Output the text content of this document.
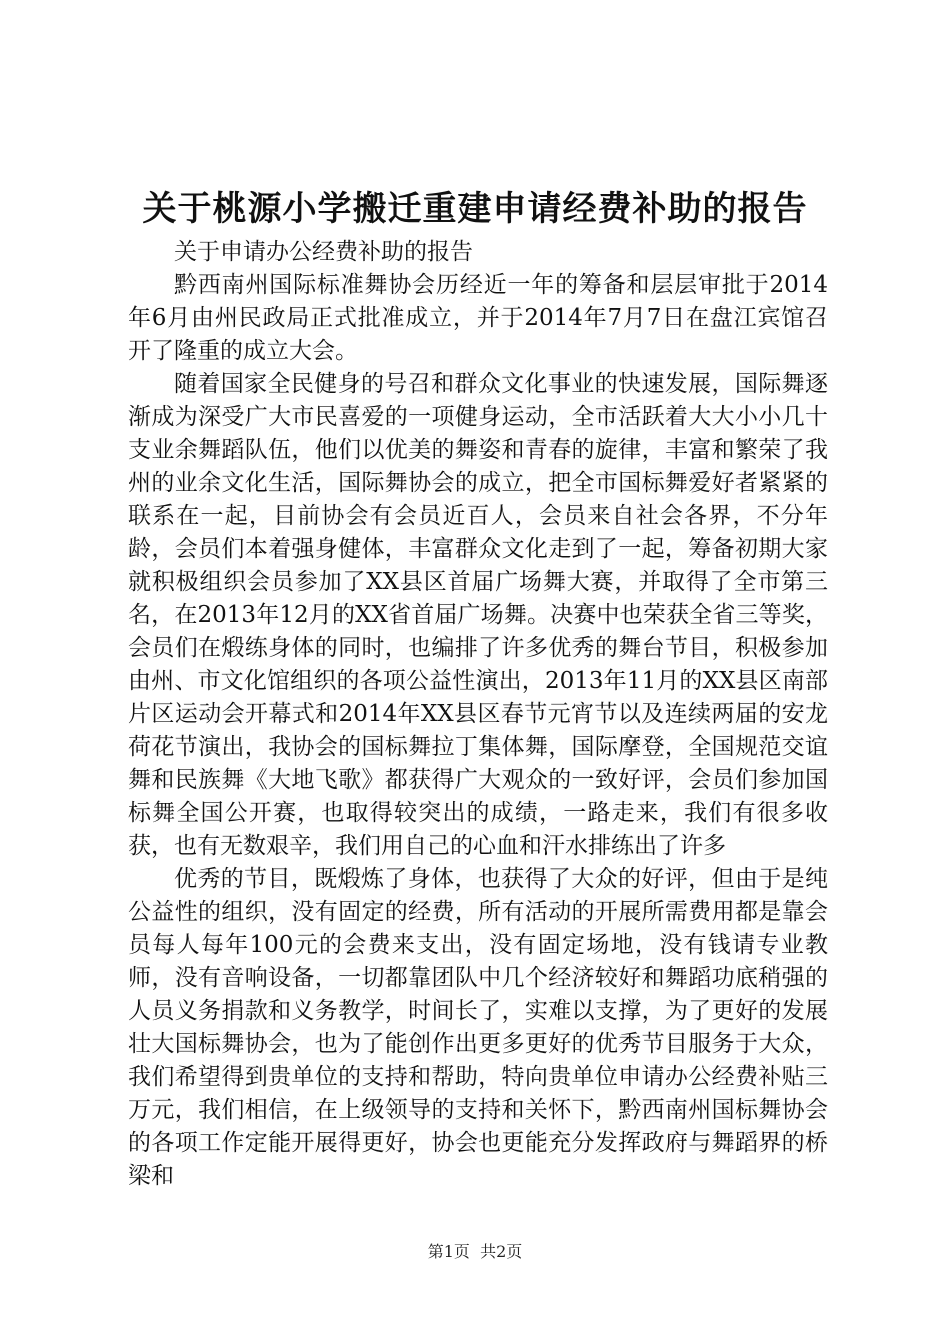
关于桃源小学搬迁重建申请经费补助的报告

关于申请办公经费补助的报告

黔西南州国际标准舞协会历经近一年的筹备和层层审批于2014年6月由州民政局正式批准成立，并于2014年7月7日在盘江宾馆召开了隆重的成立大会。

随着国家全民健身的号召和群众文化事业的快速发展，国际舞逐渐成为深受广大市民喜爱的一项健身运动，全市活跃着大大小小几十支业余舞蹈队伍，他们以优美的舞姿和青春的旋律，丰富和繁荣了我州的业余文化生活，国际舞协会的成立，把全市国标舞爱好者紧紧的联系在一起，目前协会有会员近百人，会员来自社会各界，不分年龄，会员们本着强身健体，丰富群众文化走到了一起，筹备初期大家就积极组织会员参加了XX县区首届广场舞大赛，并取得了全市第三名，在2013年12月的XX省首届广场舞。决赛中也荣获全省三等奖，会员们在煅练身体的同时，也编排了许多优秀的舞台节目，积极参加由州、市文化馆组织的各项公益性演出，2013年11月的XX县区南部片区运动会开幕式和2014年XX县区春节元宵节以及连续两届的安龙荷花节演出，我协会的国标舞拉丁集体舞，国际摩登，全国规范交谊舞和民族舞《大地飞歌》都获得广大观众的一致好评，会员们参加国标舞全国公开赛，也取得较突出的成绩，一路走来，我们有很多收获，也有无数艰辛，我们用自己的心血和汗水排练出了许多

优秀的节目，既煅炼了身体，也获得了大众的好评，但由于是纯公益性的组织，没有固定的经费，所有活动的开展所需费用都是靠会员每人每年100元的会费来支出，没有固定场地，没有钱请专业教师，没有音响设备，一切都靠团队中几个经济较好和舞蹈功底稍强的人员义务捐款和义务教学，时间长了，实难以支撑，为了更好的发展壮大国标舞协会，也为了能创作出更多更好的优秀节目服务于大众，我们希望得到贵单位的支持和帮助，特向贵单位申请办公经费补贴三万元，我们相信，在上级领导的支持和关怀下，黔西南州国标舞协会的各项工作定能开展得更好，协会也更能充分发挥政府与舞蹈界的桥梁和

第1页  共2页
